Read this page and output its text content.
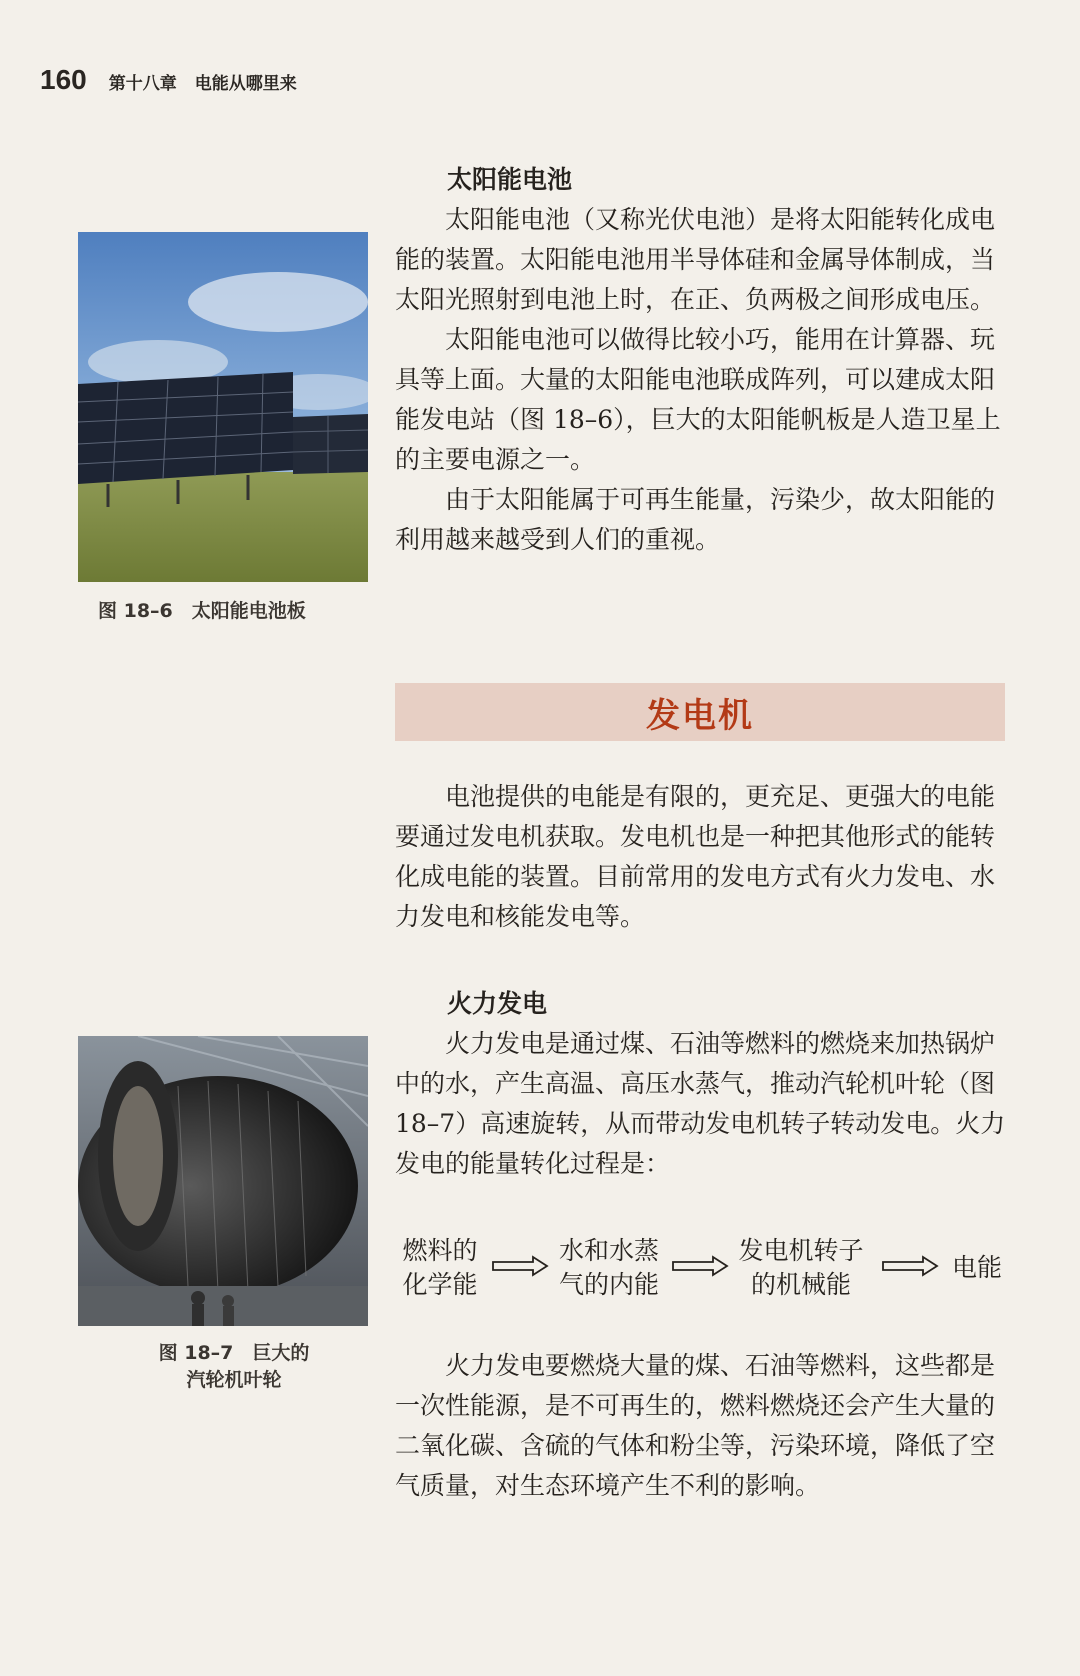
160 第十八章 电能从哪里来
太阳能电池
图 18–6　太阳能电池板

太阳能电池（又称光伏电池）是将太阳能转化成电能的装置。太阳能电池用半导体硅和金属导体制成，当太阳光照射到电池上时，在正、负两极之间形成电压。

太阳能电池可以做得比较小巧，能用在计算器、玩具等上面。大量的太阳能电池联成阵列，可以建成太阳能发电站（图 18–6），巨大的太阳能帆板是人造卫星上的主要电源之一。

由于太阳能属于可再生能量，污染少，故太阳能的利用越来越受到人们的重视。

发电机

电池提供的电能是有限的，更充足、更强大的电能要通过发电机获取。发电机也是一种把其他形式的能转化成电能的装置。目前常用的发电方式有火力发电、水力发电和核能发电等。

火力发电
图 18–7　巨大的
汽轮机叶轮

火力发电是通过煤、石油等燃料的燃烧来加热锅炉中的水，产生高温、高压水蒸气，推动汽轮机叶轮（图 18–7）高速旋转，从而带动发电机转子转动发电。火力发电的能量转化过程是：

燃料的
化学能
水和水蒸
气的内能
发电机转子
的机械能
电能

火力发电要燃烧大量的煤、石油等燃料，这些都是一次性能源，是不可再生的，燃料燃烧还会产生大量的二氧化碳、含硫的气体和粉尘等，污染环境，降低了空气质量，对生态环境产生不利的影响。
